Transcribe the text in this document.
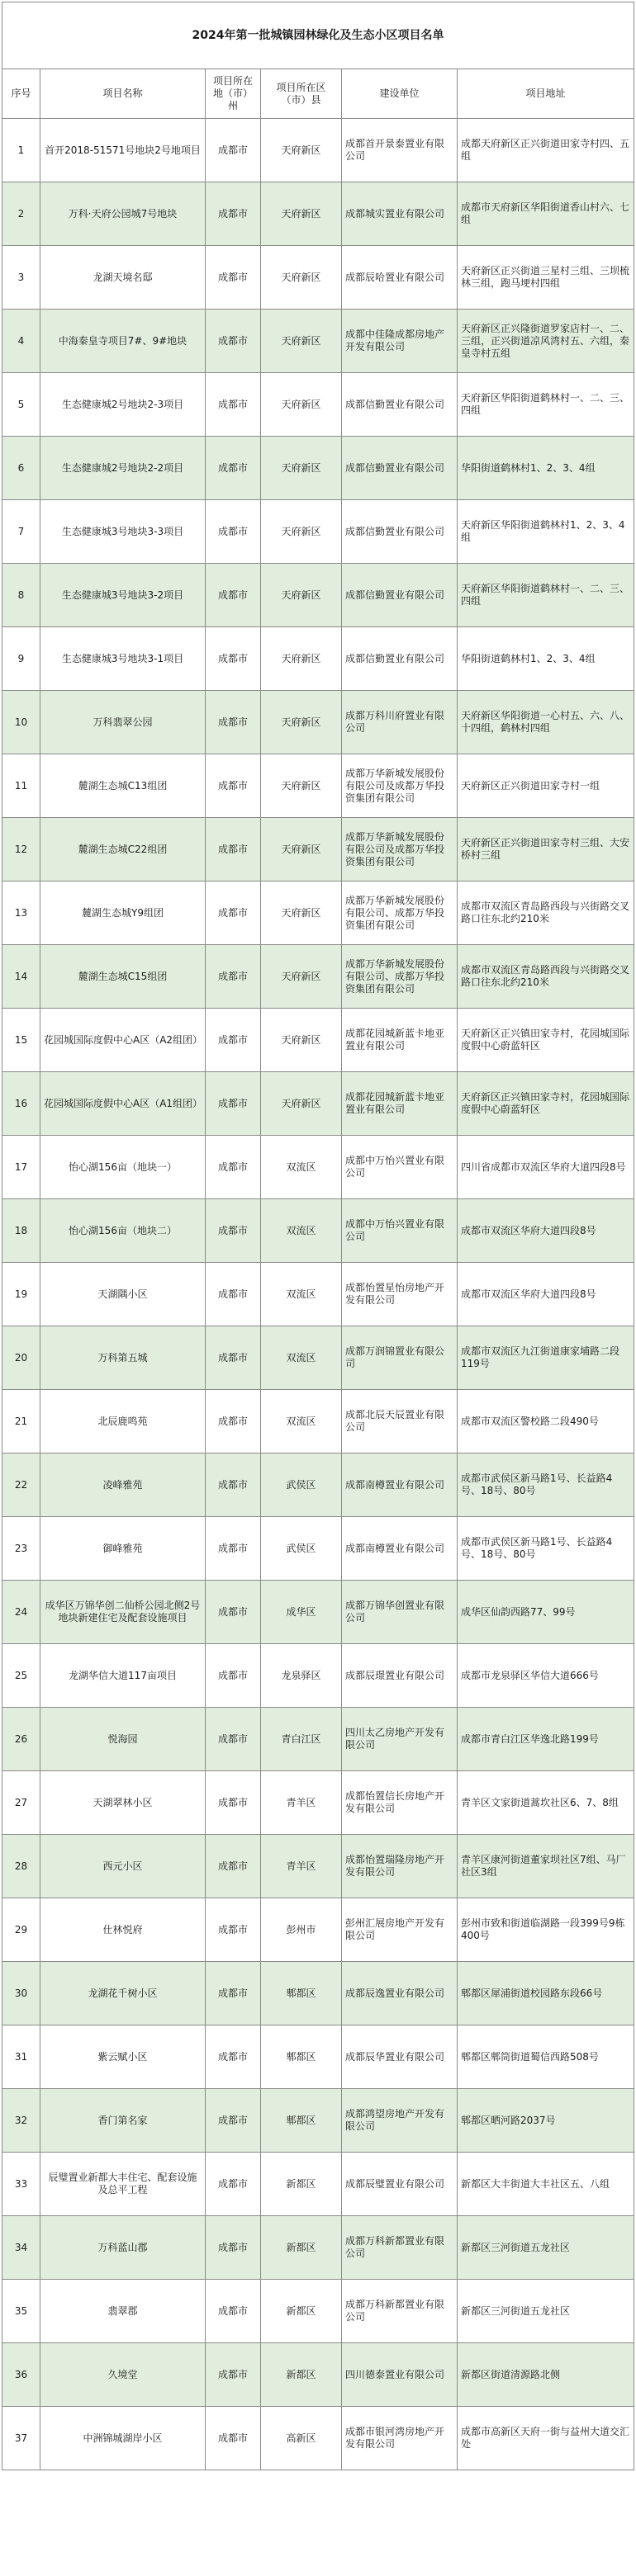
2024年第一批城镇园林绿化及生态小区项目名单					
序号	项目名称	项目所在地（市）州	项目所在区（市）县	建设单位	项目地址
1	首开2018-51571号地块2号地项目	成都市	天府新区	成都首开景泰置业有限公司	成都天府新区正兴街道田家寺村四、五组
2	万科·天府公园城7号地块	成都市	天府新区	成都城实置业有限公司	成都市天府新区华阳街道香山村六、七组
3	龙湖天境名邸	成都市	天府新区	成都辰哈置业有限公司	天府新区正兴街道三星村三组、三坝梳林三组，跑马埂村四组
4	中海秦皇寺项目7#、9#地块	成都市	天府新区	成都中佳隆成都房地产开发有限公司	天府新区正兴隆街道罗家店村一、二、三组，正兴街道凉风湾村五、六组，秦皇寺村五组
5	生态健康城2号地块2-3项目	成都市	天府新区	成都信勤置业有限公司	天府新区华阳街道鹤林村一、二、三、四组
6	生态健康城2号地块2-2项目	成都市	天府新区	成都信勤置业有限公司	华阳街道鹤林村1、2、3、4组
7	生态健康城3号地块3-3项目	成都市	天府新区	成都信勤置业有限公司	天府新区华阳街道鹤林村1、2、3、4组
8	生态健康城3号地块3-2项目	成都市	天府新区	成都信勤置业有限公司	天府新区华阳街道鹤林村一、二、三、四组
9	生态健康城3号地块3-1项目	成都市	天府新区	成都信勤置业有限公司	华阳街道鹤林村1、2、3、4组
10	万科翡翠公园	成都市	天府新区	成都万科川府置业有限公司	天府新区华阳街道一心村五、六、八、十四组，鹤林村四组
11	麓湖生态城C13组团	成都市	天府新区	成都万华新城发展股份有限公司及成都万华投资集团有限公司	天府新区正兴街道田家寺村一组
12	麓湖生态城C22组团	成都市	天府新区	成都万华新城发展股份有限公司及成都万华投资集团有限公司	天府新区正兴街道田家寺村三组、大安桥村三组
13	麓湖生态城Y9组团	成都市	天府新区	成都万华新城发展股份有限公司、成都万华投资集团有限公司	成都市双流区青岛路西段与兴街路交叉路口往东北约210米
14	麓湖生态城C15组团	成都市	天府新区	成都万华新城发展股份有限公司、成都万华投资集团有限公司	成都市双流区青岛路西段与兴街路交叉路口往东北约210米
15	花园城国际度假中心A区（A2组团）	成都市	天府新区	成都花园城新蓝卡地亚置业有限公司	天府新区正兴镇田家寺村，花园城国际度假中心蔚蓝轩区
16	花园城国际度假中心A区（A1组团）	成都市	天府新区	成都花园城新蓝卡地亚置业有限公司	天府新区正兴镇田家寺村，花园城国际度假中心蔚蓝轩区
17	怡心湖156亩（地块一）	成都市	双流区	成都中万怡兴置业有限公司	四川省成都市双流区华府大道四段8号
18	怡心湖156亩（地块二）	成都市	双流区	成都中万怡兴置业有限公司	成都市双流区华府大道四段8号
19	天湖隅小区	成都市	双流区	成都怡置星怡房地产开发有限公司	成都市双流区华府大道四段8号
20	万科第五城	成都市	双流区	成都万润锦置业有限公司	成都市双流区九江街道康家埔路二段119号
21	北辰鹿鸣苑	成都市	双流区	成都北辰天辰置业有限公司	成都市双流区警校路二段490号
22	凌峰雅苑	成都市	武侯区	成都南樽置业有限公司	成都市武侯区新马路1号、长益路4号、18号、80号
23	御峰雅苑	成都市	武侯区	成都南樽置业有限公司	成都市武侯区新马路1号、长益路4号、18号、80号
24	成华区万锦华创二仙桥公园北侧2号地块新建住宅及配套设施项目	成都市	成华区	成都万锦华创置业有限公司	成华区仙韵西路77、99号
25	龙湖华信大道117亩项目	成都市	龙泉驿区	成都辰璟置业有限公司	成都市龙泉驿区华信大道666号
26	悦海园	成都市	青白江区	四川太乙房地产开发有限公司	成都市青白江区华逸北路199号
27	天湖翠林小区	成都市	青羊区	成都怡置信长房地产开发有限公司	青羊区文家街道蒿坎社区6、7、8组
28	西元小区	成都市	青羊区	成都怡置瑞隆房地产开发有限公司	青羊区康河街道董家坝社区7组、马厂社区3组
29	仕林悦府	成都市	彭州市	彭州汇展房地产开发有限公司	彭州市致和街道临湖路一段399号9栋400号
30	龙湖花千树小区	成都市	郫都区	成都辰逸置业有限公司	郫都区犀浦街道校园路东段66号
31	紫云赋小区	成都市	郫都区	成都辰华置业有限公司	郫都区郫筒街道蜀信西路508号
32	香门第名家	成都市	郫都区	成都鸿望房地产开发有限公司	郫都区晒河路2037号
33	辰璧置业新都大丰住宅、配套设施及总平工程	成都市	新都区	成都辰璧置业有限公司	新都区大丰街道大丰社区五、八组
34	万科蓝山郡	成都市	新都区	成都万科新都置业有限公司	新都区三河街道五龙社区
35	翡翠郡	成都市	新都区	成都万科新都置业有限公司	新都区三河街道五龙社区
36	久境堂	成都市	新都区	四川德泰置业有限公司	新都区街道清源路北侧
37	中洲锦城湖岸小区	成都市	高新区	成都市银河湾房地产开发有限公司	成都市高新区天府一街与益州大道交汇处
